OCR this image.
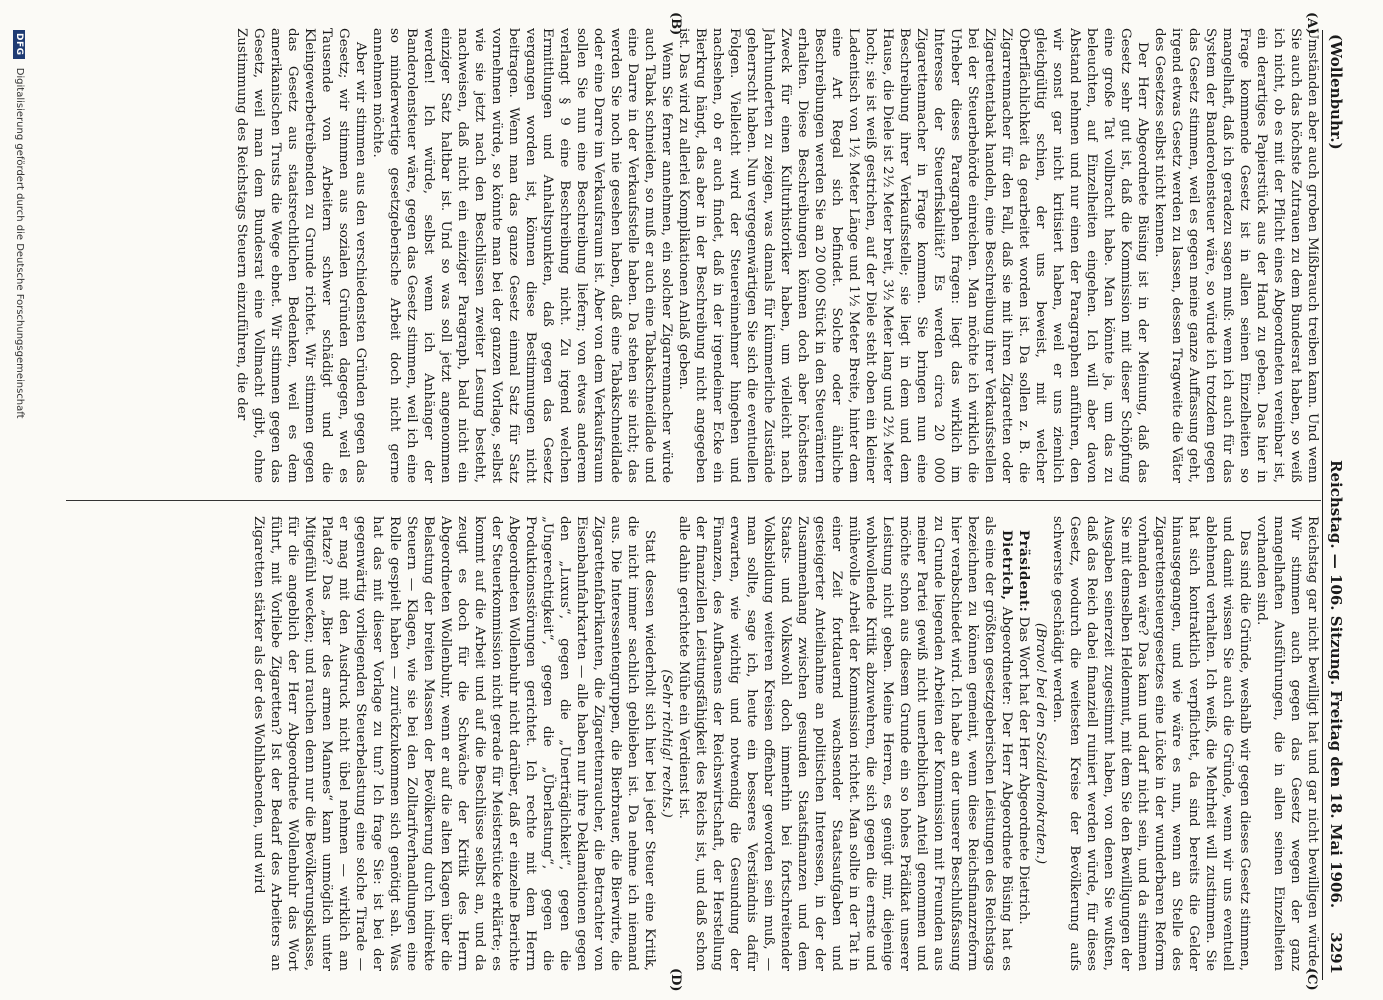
(Wollenbuhr.)
Reichstag. — 106. Sitzung. Freitag den 18. Mai 1906.
3291
(A)
(B)
(C)
(D)

Umständen aber auch groben Mißbrauch treiben kann. Und wenn Sie auch das höchste Zutrauen zu dem Bundesrat haben, so weiß ich nicht, ob es mit der Pflicht eines Abgeordneten vereinbar ist, ein derartiges Papierstück aus der Hand zu geben. Das hier in Frage kommende Gesetz ist in allen seinen Einzelheiten so mangelhaft, daß ich geradezu sagen muß: wenn ich auch für das System der Banderolensteuer wäre, so würde ich trotzdem gegen das Gesetz stimmen, weil es gegen meine ganze Auffassung geht, irgend etwas Gesetz werden zu lassen, dessen Tragweite die Väter des Gesetzes selbst nicht kennen.

Der Herr Abgeordnete Büsing ist in der Meinung, daß das Gesetz sehr gut ist, daß die Kommission mit dieser Schöpfung eine große Tat vollbracht habe. Man könnte ja, um das zu beleuchten, auf Einzelheiten eingehen. Ich will aber davon Abstand nehmen und nur einen der Paragraphen anführen, den wir sonst gar nicht kritisiert haben, weil er uns ziemlich gleichgültig schien, der uns beweist, mit welcher Oberflächlichkeit da gearbeitet worden ist. Da sollen z. B. die Zigarrenmacher für den Fall, daß sie mit ihren Zigaretten oder Zigarettentabak handeln, eine Beschreibung ihrer Verkaufsstellen bei der Steuerbehörde einreichen. Man möchte ich wirklich die Urheber dieses Paragraphen fragen: liegt das wirklich im Interesse der Steuerfiskalität? Es werden circa 20 000 Zigarettenmacher in Frage kommen. Sie bringen nun eine Beschreibung ihrer Verkaufsstelle; sie liegt in dem und dem Hause, die Diele ist 2½ Meter breit, 3½ Meter lang und 2½ Meter hoch; sie ist weiß gestrichen, auf der Diele steht oben ein kleiner Ladentisch von 1½ Meter Länge und 1½ Meter Breite, hinter dem eine Art Regal sich befindet. Solche oder ähnliche Beschreibungen werden Sie an 20 000 Stück in den Steuerämtern erhalten. Diese Beschreibungen können doch aber höchstens Zweck für einen Kulturhistoriker haben, um vielleicht nach Jahrhunderten zu zeigen, was damals für kümmerliche Zustände geherrscht haben. Nun vergegenwärtigen Sie sich die eventuellen Folgen. Vielleicht wird der Steuereinnehmer hingehen und nachsehen, ob er auch findet, daß in der irgendeiner Ecke ein Bierkrug hängt, das aber in der Beschreibung nicht angegeben ist. Das wird zu allerlei Komplikationen Anlaß geben.

Wenn Sie ferner annehmen, ein solcher Zigarrenmacher würde auch Tabak schneiden, so muß er auch eine Tabakschneidlade und eine Darre in der Verkaufsstelle haben. Da stehen sie nicht; das werden Sie noch nie gesehen haben, daß eine Tabakschneidlade oder eine Darre im Verkaufsraum ist. Aber von dem Verkaufsraum sollen Sie nun eine Beschreibung liefern; von etwas anderem verlangt § 9 eine Beschreibung nicht. Zu irgend welchen Ermittlungen und Anhaltspunkten, daß gegen das Gesetz vergangen worden ist, können diese Bestimmungen nicht beitragen. Wenn man das ganze Gesetz einmal Satz für Satz vornehmen würde, so könnte man bei der ganzen Vorlage, selbst wie sie jetzt nach den Beschlüssen zweiter Lesung besteht, nachweisen, daß nicht ein einziger Paragraph, bald nicht ein einziger Satz haltbar ist. Und so was soll jetzt angenommen werden! Ich würde, selbst wenn ich Anhänger der Banderolensteuer wäre, gegen das Gesetz stimmen, weil ich eine so minderwertige gesetzgeberische Arbeit doch nicht gerne annehmen möchte.

Aber wir stimmen aus den verschiedensten Gründen gegen das Gesetz; wir stimmen aus sozialen Gründen dagegen, weil es Tausende von Arbeitern schwer schädigt und die Kleingewerbetreibenden zu Grunde richtet. Wir stimmen gegen das Gesetz aus staatsrechtlichen Bedenken, weil es dem amerikanischen Trusts die Wege ebnet. Wir stimmen gegen das Gesetz, weil man dem Bundesrat eine Vollmacht gibt, ohne Zustimmung des Reichstags Steuern einzuführen, die der

Reichstag gar nicht bewilligt hat und gar nicht bewilligen würde. Wir stimmen auch gegen das Gesetz wegen der ganz mangelhaften Ausführungen, die in allen seinen Einzelheiten vorhanden sind.

Das sind die Gründe, weshalb wir gegen dieses Gesetz stimmen, und damit wissen Sie auch die Gründe, wenn wir uns eventuell ablehnend verhalten. Ich weiß, die Mehrheit will zustimmen. Sie hat sich kontraktlich verpflichtet, da sind bereits die Gelder hinausgegangen, und wie wäre es nun, wenn an Stelle des Zigarettensteuergesetzes eine Lücke in der wunderbaren Reform vorhanden wäre? Das kann und darf nicht sein, und da stimmen Sie mit demselben Heldenmut, mit dem Sie den Bewilligungen der Ausgaben seinerzeit zugestimmt haben, von denen Sie wußten, daß das Reich dabei finanziell ruiniert werden würde, für dieses Gesetz, wodurch die weitesten Kreise der Bevölkerung aufs schwerste geschädigt werden.

(Bravo! bei den Sozialdemokraten.)

Präsident: Das Wort hat der Herr Abgeordnete Dietrich.

Dietrich, Abgeordneter: Der Herr Abgeordnete Büsing hat es als eine der größten gesetzgeberischen Leistungen des Reichstags bezeichnen zu können gemeint, wenn diese Reichsfinanzreform hier verabschiedet wird. Ich habe an der unserer Beschlußfassung zu Grunde liegenden Arbeiten der Kommission mit Freunden aus meiner Partei gewiß nicht unerheblichen Anteil genommen und möchte schon aus diesem Grunde ein so hohes Prädikat unserer Leistung nicht geben. Meine Herren, es genügt mir, diejenige wohlwollende Kritik abzuwehren, die sich gegen die ernste und mühevolle Arbeit der Kommission richtet. Man sollte in der Tat in einer Zeit fortdauernd wachsender Staatsaufgaben und gesteigerter Anteilnahme an politischen Interessen, in der der Zusammenhang zwischen gesunden Staatsfinanzen und dem Staats- und Volkswohl doch immerhin bei fortschreitender Volksbildung weiteren Kreisen offenbar geworden sein muß, — man sollte, sage ich, heute ein besseres Verständnis dafür erwarten, wie wichtig und notwendig die Gesundung der Finanzen, des Aufbauens der Reichswirtschaft, der Herstellung der finanziellen Leistungsfähigkeit des Reichs ist, und daß schon alle dahin gerichtete Mühe ein Verdienst ist.

(Sehr richtig! rechts.)

Statt dessen wiederholt sich hier bei jeder Steuer eine Kritik, die nicht immer sachlich geblieben ist. Da nehme ich niemand aus. Die Interessentengruppen, die Bierbrauer, die Bierwirte, die Zigarettenfabrikanten, die Zigarettenraucher, die Betrachter von Eisenbahnfahrkarten — alle haben nur ihre Deklamationen gegen den „Luxus“, gegen die „Unerträglichkeit“, gegen die „Ungerechtigkeit“, gegen die „Überlastung“, gegen die Produktionsstörungen gerichtet. Ich rechte mit dem Herrn Abgeordneten Wollenbuhr nicht darüber, daß er einzelne Berichte der Steuerkommission nicht gerade für Meisterstücke erklärte; es kommt auf die Arbeit und auf die Beschlüsse selbst an, und da zeugt es doch für die Schwäche der Kritik des Herrn Abgeordneten Wollenbuhr, wenn er auf die alten Klagen über die Belastung der breiten Massen der Bevölkerung durch indirekte Steuern — Klagen, wie sie bei den Zolltarifverhandlungen eine Rolle gespielt haben — zurückzukommen sich genötigt sah. Was hat das mit dieser Vorlage zu tun? Ich frage Sie: ist bei der gegenwärtig vorliegenden Steuerbelastung eine solche Tirade — er mag mit den Ausdruck nicht übel nehmen — wirklich am Platze? Das „Bier des armen Mannes“ kann unmöglich unter Mitgefühl wecken; und rauchen denn nur die Bevölkerungsklasse, für die angeblich der Herr Abgeordnete Wollenbuhr das Wort führt, mit Vorliebe Zigaretten? Ist der Bedarf des Arbeiters an Zigaretten stärker als der des Wohlhabenden, und wird

DFG Digitalisierung gefördert durch die Deutsche Forschungsgemeinschaft
